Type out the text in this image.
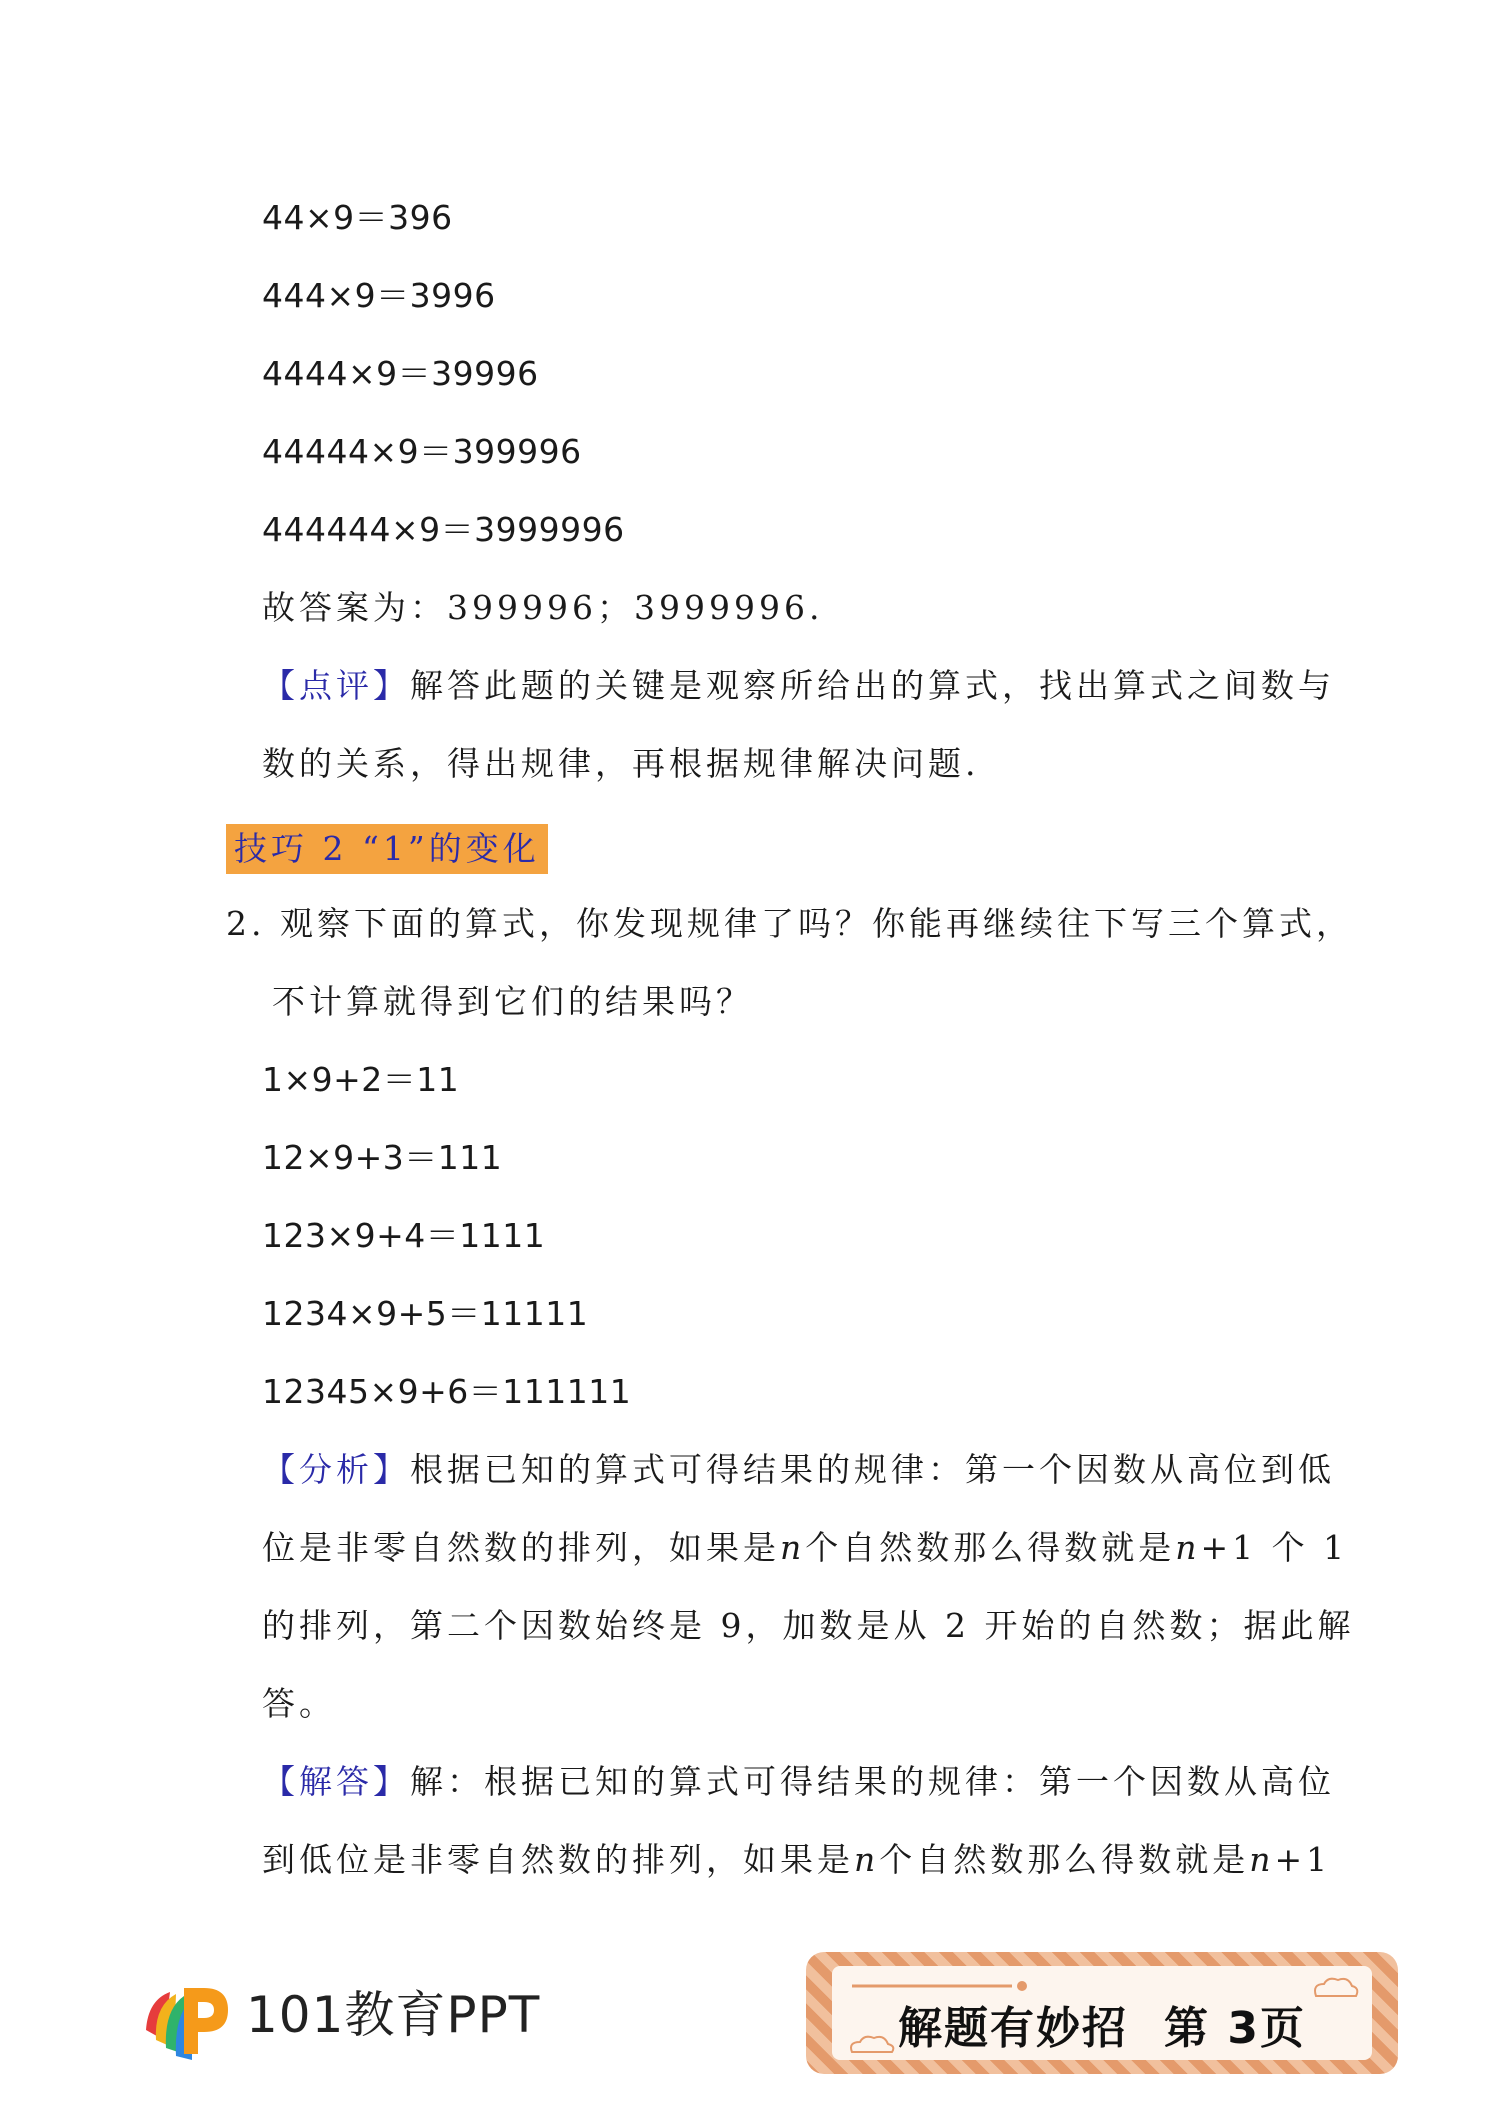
44×9＝396
444×9＝3996
4444×9＝39996
44444×9＝399996
444444×9＝3999996
故答案为：399996；3999996.
【点评】解答此题的关键是观察所给出的算式，找出算式之间数与
数的关系，得出规律，再根据规律解决问题.
技巧 2 “1”的变化
2. 观察下面的算式，你发现规律了吗？你能再继续往下写三个算式，
不计算就得到它们的结果吗？
1×9+2＝11
12×9+3＝111
123×9+4＝1111
1234×9+5＝11111
12345×9+6＝111111
【分析】根据已知的算式可得结果的规律：第一个因数从高位到低
位是非零自然数的排列，如果是n个自然数那么得数就是n+1 个 1
的排列，第二个因数始终是 9，加数是从 2 开始的自然数；据此解
答。
【解答】解：根据已知的算式可得结果的规律：第一个因数从高位
到低位是非零自然数的排列，如果是n个自然数那么得数就是n+1
101教育PPT	解题有妙招 第 3页
